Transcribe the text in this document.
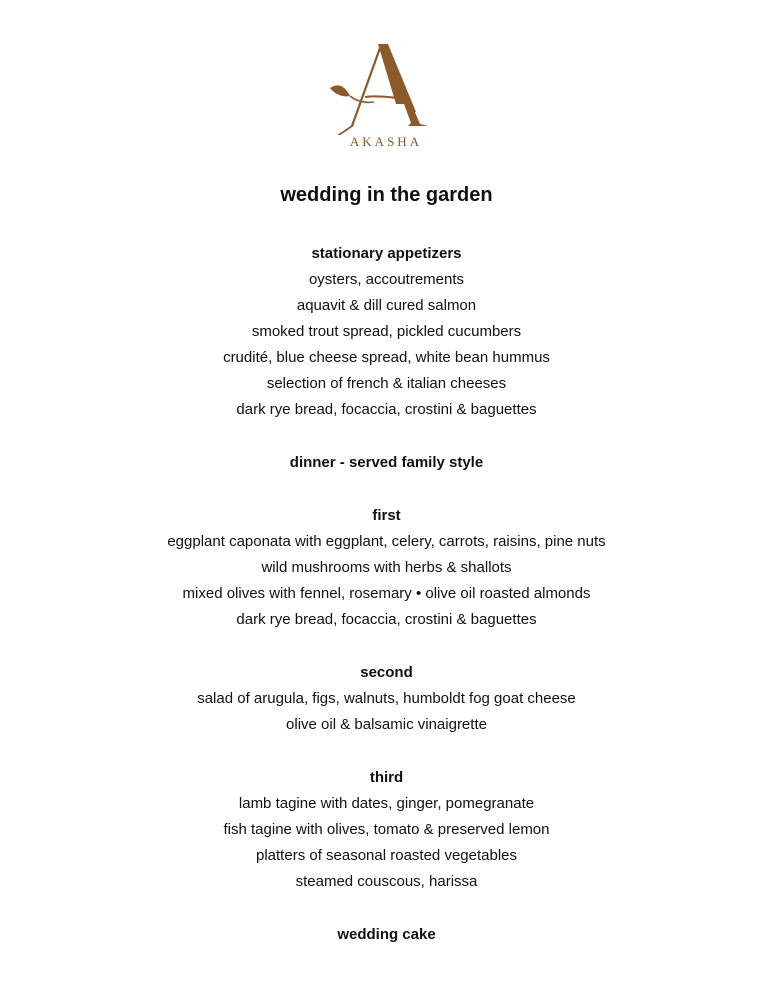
AKASHA
wedding in the garden
stationary appetizers
oysters, accoutrements
aquavit & dill cured salmon
smoked trout spread, pickled cucumbers
crudité, blue cheese spread, white bean hummus
selection of french & italian cheeses
dark rye bread, focaccia, crostini & baguettes
dinner - served family style
first
eggplant caponata with eggplant, celery, carrots, raisins, pine nuts
wild mushrooms with herbs & shallots
mixed olives with fennel, rosemary • olive oil roasted almonds
dark rye bread, focaccia, crostini & baguettes
second
salad of arugula, figs, walnuts, humboldt fog goat cheese
olive oil & balsamic vinaigrette
third
lamb tagine with dates, ginger, pomegranate
fish tagine with olives, tomato & preserved lemon
platters of seasonal roasted vegetables
steamed couscous, harissa
wedding cake
